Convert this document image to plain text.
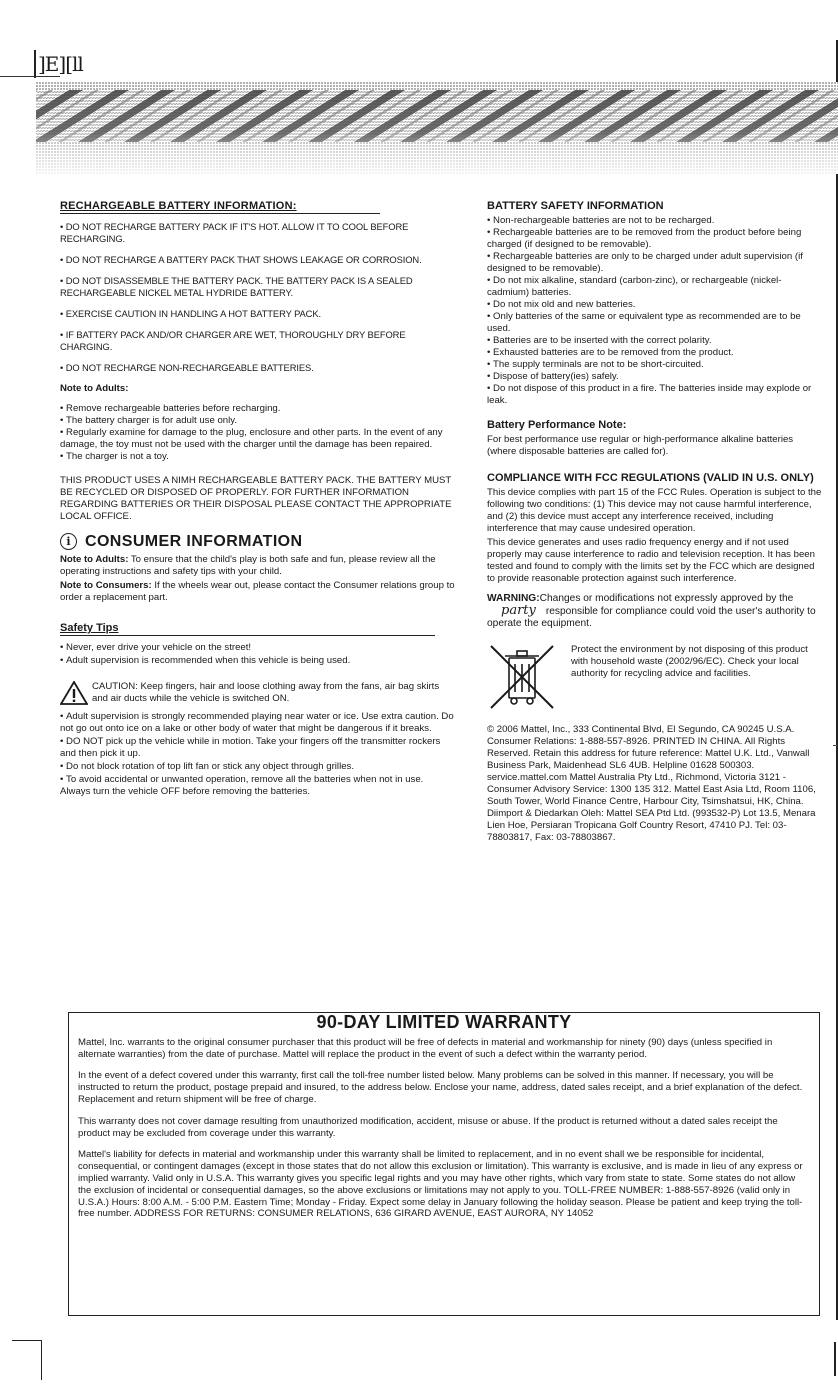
]E][ll
RECHARGEABLE BATTERY INFORMATION:
• DO NOT RECHARGE BATTERY PACK IF IT'S HOT. ALLOW IT TO COOL BEFORE RECHARGING.
• DO NOT RECHARGE A BATTERY PACK THAT SHOWS LEAKAGE OR CORROSION.
• DO NOT DISASSEMBLE THE BATTERY PACK. THE BATTERY PACK IS A SEALED RECHARGEABLE NICKEL METAL HYDRIDE BATTERY.
• EXERCISE CAUTION IN HANDLING A HOT BATTERY PACK.
• IF BATTERY PACK AND/OR CHARGER ARE WET, THOROUGHLY DRY BEFORE CHARGING.
• DO NOT RECHARGE NON-RECHARGEABLE BATTERIES.

Note to Adults:

• Remove rechargeable batteries before recharging.
• The battery charger is for adult use only.
• Regularly examine for damage to the plug, enclosure and other parts. In the event of any damage, the toy must not be used with the charger until the damage has been repaired.
• The charger is not a toy.

THIS PRODUCT USES A NIMH RECHARGEABLE BATTERY PACK. THE BATTERY MUST BE RECYCLED OR DISPOSED OF PROPERLY. FOR FURTHER INFORMATION REGARDING BATTERIES OR THEIR DISPOSAL PLEASE CONTACT THE APPROPRIATE LOCAL OFFICE.

i CONSUMER INFORMATION

Note to Adults: To ensure that the child's play is both safe and fun, please review all the operating instructions and safety tips with your child.

Note to Consumers: If the wheels wear out, please contact the Consumer relations group to order a replacement part.

Safety Tips
• Never, ever drive your vehicle on the street!
• Adult supervision is recommended when this vehicle is being used.
CAUTION: Keep fingers, hair and loose clothing away from the fans, air bag skirts and air ducts while the vehicle is switched ON.
• Adult supervision is strongly recommended playing near water or ice. Use extra caution. Do not go out onto ice on a lake or other body of water that might be dangerous if it breaks.
• DO NOT pick up the vehicle while in motion. Take your fingers off the transmitter rockers and then pick it up.
• Do not block rotation of top lift fan or stick any object through grilles.
• To avoid accidental or unwanted operation, remove all the batteries when not in use. Always turn the vehicle OFF before removing the batteries.
BATTERY SAFETY INFORMATION
• Non-rechargeable batteries are not to be recharged.
• Rechargeable batteries are to be removed from the product before being charged (if designed to be removable).
• Rechargeable batteries are only to be charged under adult supervision (if designed to be removable).
• Do not mix alkaline, standard (carbon-zinc), or rechargeable (nickel-cadmium) batteries.
• Do not mix old and new batteries.
• Only batteries of the same or equivalent type as recommended are to be used.
• Batteries are to be inserted with the correct polarity.
• Exhausted batteries are to be removed from the product.
• The supply terminals are not to be short-circuited.
• Dispose of battery(ies) safely.
• Do not dispose of this product in a fire. The batteries inside may explode or leak.
Battery Performance Note:

For best performance use regular or high-performance alkaline batteries (where disposable batteries are called for).

COMPLIANCE WITH FCC REGULATIONS (VALID IN U.S. ONLY)

This device complies with part 15 of the FCC Rules. Operation is subject to the following two conditions: (1) This device may not cause harmful interference, and (2) this device must accept any interference received, including interference that may cause undesired operation.

This device generates and uses radio frequency energy and if not used properly may cause interference to radio and television reception. It has been tested and found to comply with the limits set by the FCC which are designed to provide reasonable protection against such interference.

WARNING:Changes or modifications not expressly approved by the
party responsible for compliance could void the user's authority to operate the equipment.

Protect the environment by not disposing of this product with household waste (2002/96/EC). Check your local authority for recycling advice and facilities.

© 2006 Mattel, Inc., 333 Continental Blvd, El Segundo, CA 90245 U.S.A. Consumer Relations: 1-888-557-8926. PRINTED IN CHINA. All Rights Reserved. Retain this address for future reference: Mattel U.K. Ltd., Vanwall Business Park, Maidenhead SL6 4UB. Helpline 01628 500303. service.mattel.com Mattel Australia Pty Ltd., Richmond, Victoria 3121 - Consumer Advisory Service: 1300 135 312. Mattel East Asia Ltd, Room 1106, South Tower, World Finance Centre, Harbour City, Tsimshatsui, HK, China. Diimport & Diedarkan Oleh: Mattel SEA Ptd Ltd. (993532-P) Lot 13.5, Menara Lien Hoe, Persiaran Tropicana Golf Country Resort, 47410 PJ. Tel: 03-78803817, Fax: 03-78803867.

90-DAY LIMITED WARRANTY

Mattel, Inc. warrants to the original consumer purchaser that this product will be free of defects in material and workmanship for ninety (90) days (unless specified in alternate warranties) from the date of purchase. Mattel will replace the product in the event of such a defect within the warranty period.

In the event of a defect covered under this warranty, first call the toll-free number listed below. Many problems can be solved in this manner. If necessary, you will be instructed to return the product, postage prepaid and insured, to the address below. Enclose your name, address, dated sales receipt, and a brief explanation of the defect. Replacement and return shipment will be free of charge.

This warranty does not cover damage resulting from unauthorized modification, accident, misuse or abuse. If the product is returned without a dated sales receipt the product may be excluded from coverage under this warranty.

Mattel's liability for defects in material and workmanship under this warranty shall be limited to replacement, and in no event shall we be responsible for incidental, consequential, or contingent damages (except in those states that do not allow this exclusion or limitation). This warranty is exclusive, and is made in lieu of any express or implied warranty. Valid only in U.S.A. This warranty gives you specific legal rights and you may have other rights, which vary from state to state. Some states do not allow the exclusion of incidental or consequential damages, so the above exclusions or limitations may not apply to you. TOLL-FREE NUMBER: 1-888-557-8926 (valid only in U.S.A.) Hours: 8:00 A.M. - 5:00 P.M. Eastern Time; Monday - Friday. Expect some delay in January following the holiday season. Please be patient and keep trying the toll-free number. ADDRESS FOR RETURNS: CONSUMER RELATIONS, 636 GIRARD AVENUE, EAST AURORA, NY 14052
